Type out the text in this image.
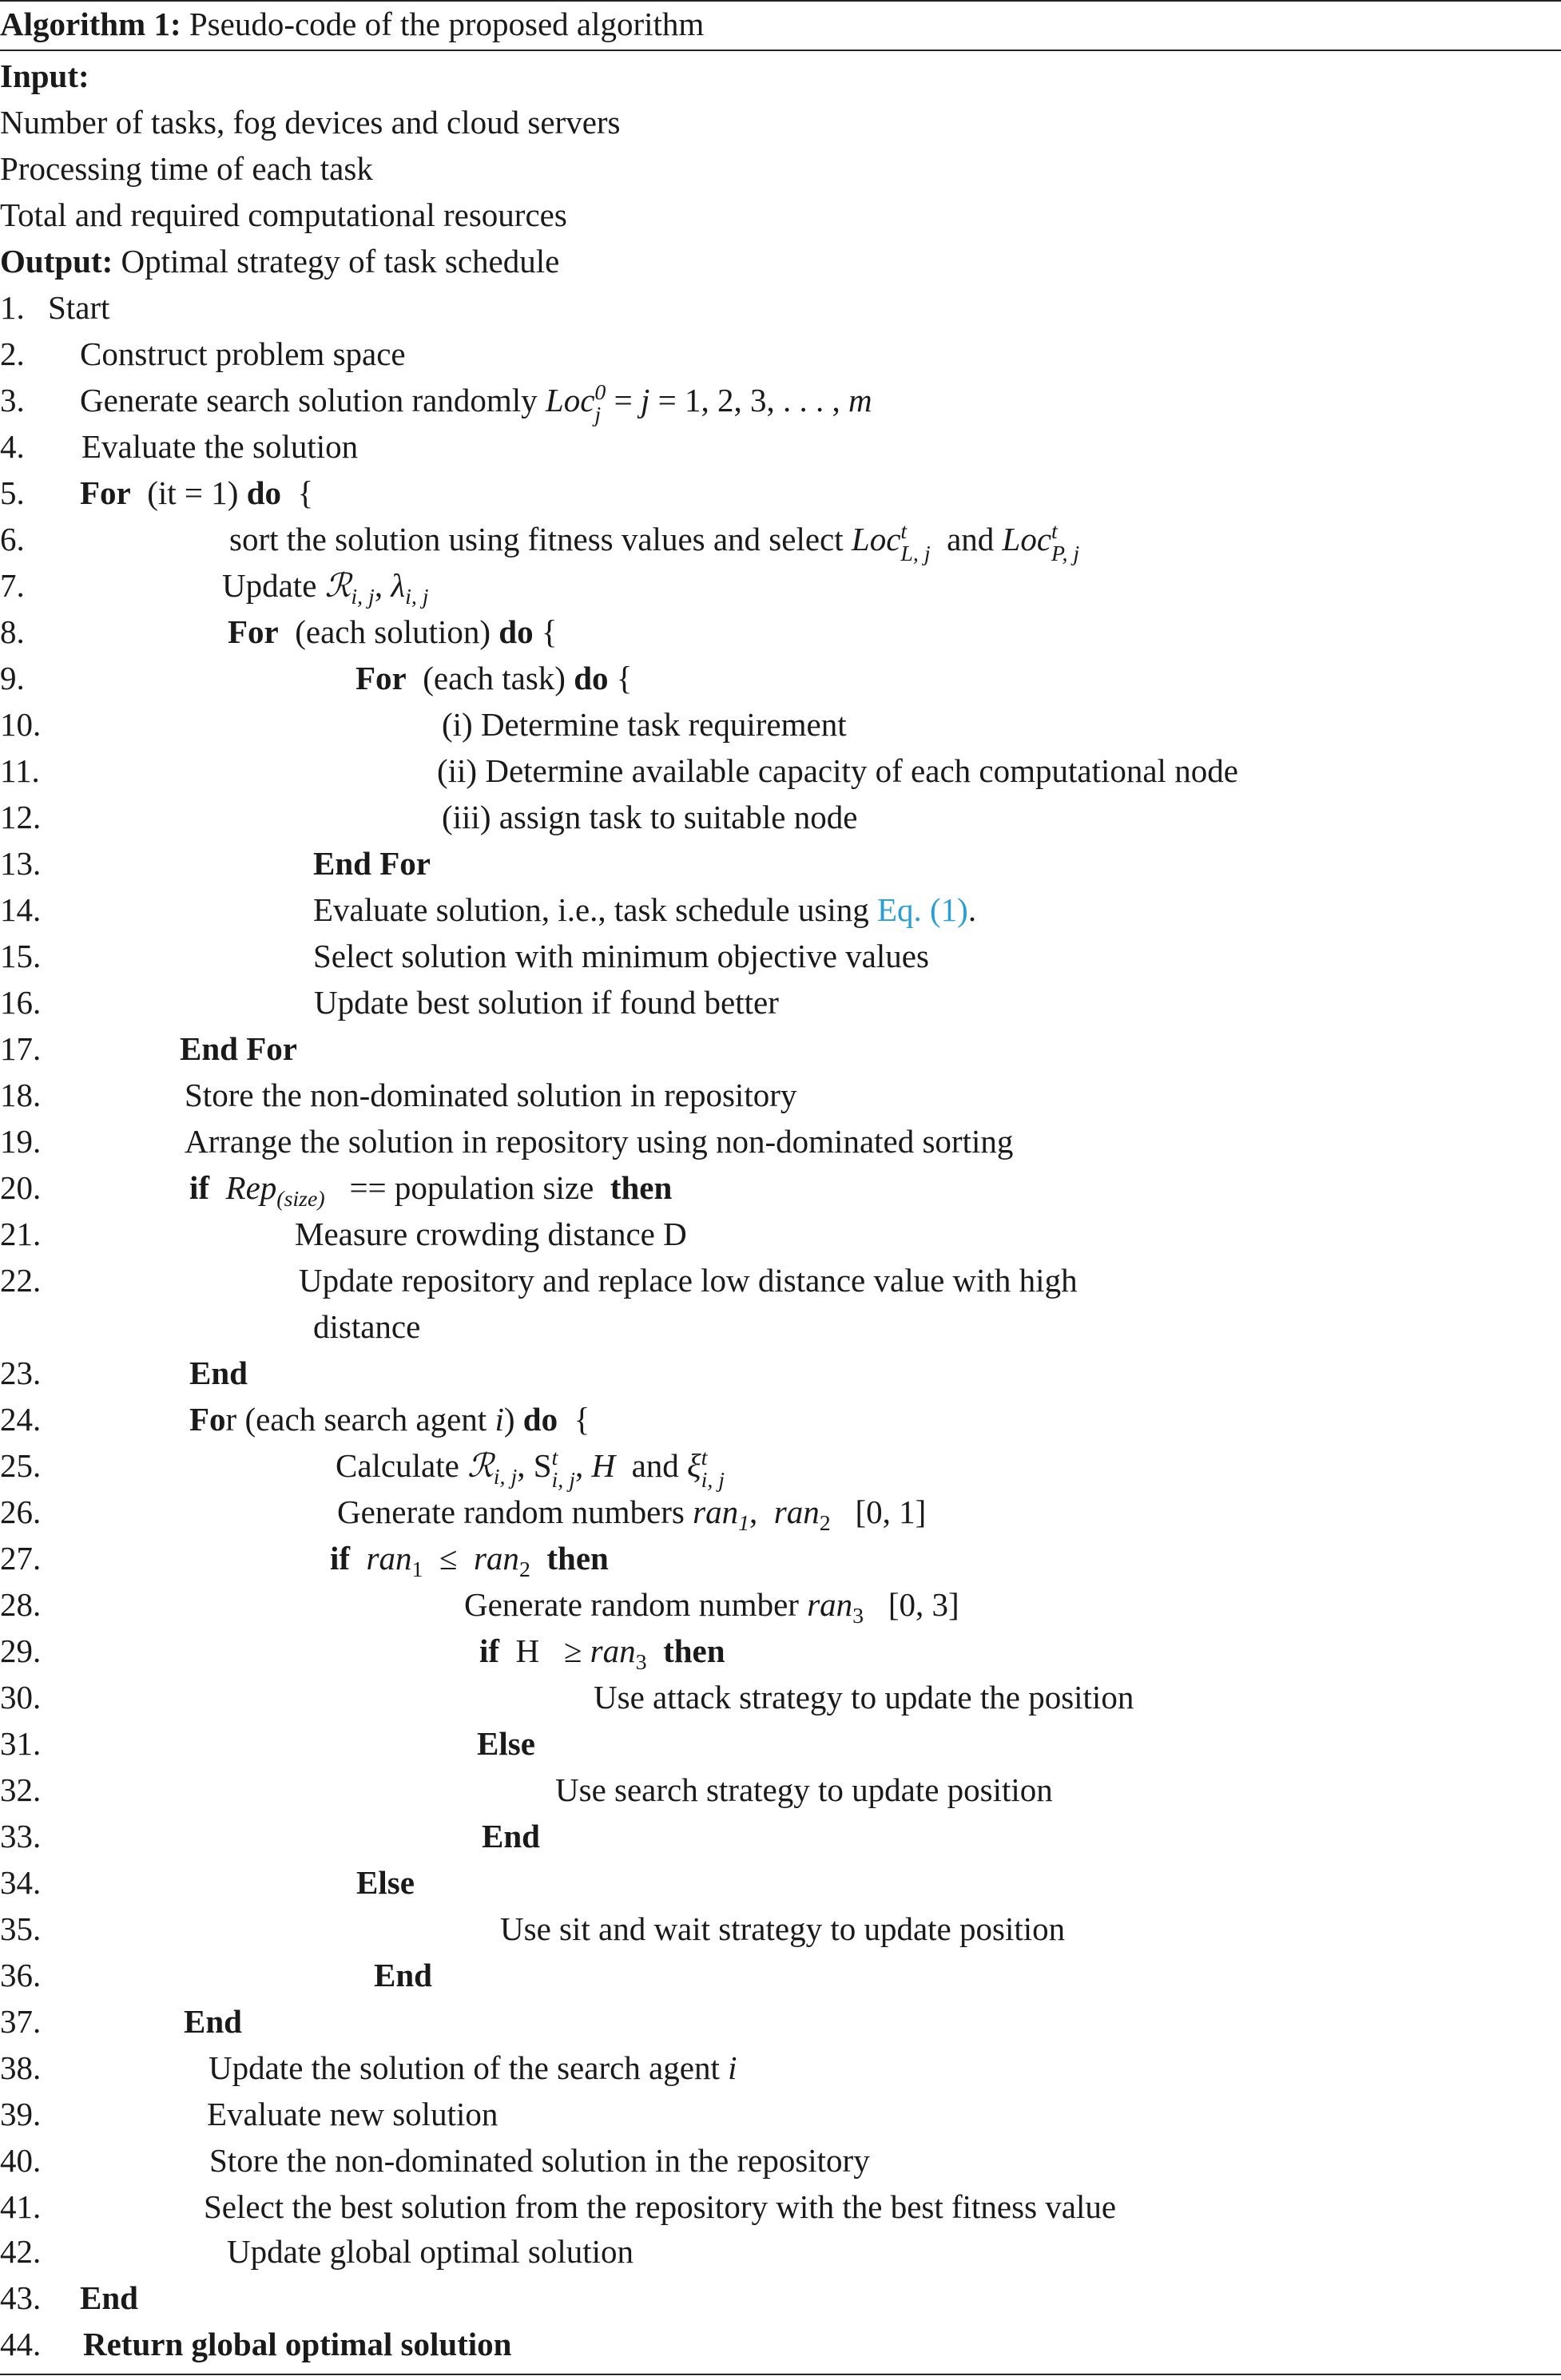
Algorithm 1: Pseudo-code of the proposed algorithm
Input:
Number of tasks, fog devices and cloud servers
Processing time of each task
Total and required computational resources
Output: Optimal strategy of task schedule
1. Start
2. Construct problem space
3. Generate search solution randomly Loc 0
j = j = 1, 2, 3, . . . , m
4. Evaluate the solution
5. For (it = 1) do {
6.	sort the solution using fitness values and select Loc t
L, j and Loc t
P, j
7.	Update ℛ$_{i, j}$, $\lambda_{i, j}$
8.	For (each solution) do {
9.	For (each task) do {
10.	(i) Determine task requirement
11.	(ii) Determine available capacity of each computational node
12.	(iii) assign task to suitable node
13.	End For
14.	Evaluate solution, i.e., task schedule using Eq. (1).
15.	Select solution with minimum objective values
16.	Update best solution if found better
17.	End For
18.	Store the non-dominated solution in repository
19.	Arrange the solution in repository using non-dominated sorting
20.	if Rep$_{(size)}$ == population size then
21.	Measure crowding distance D
22.	Update repository and replace low distance value with high
distance
23.	End
24.	For (each search agent i) do {
25.	Calculate ℛ$_{i, j}$, S t
i, j , H and ξ t
i, j
26.	Generate random numbers ran$_1$, ran$_2$ [0, 1]
27.	if ran$_1$ ≤ ran$_2$ then
28.	Generate random number ran$_3$ [0, 3]
29.	if H ≥ ran$_3$ then
30.	Use attack strategy to update the position
31.	Else
32.	Use search strategy to update position
33.	End
34.	Else
35.	Use sit and wait strategy to update position
36.	End
37.	End
38.	Update the solution of the search agent i
39.	Evaluate new solution
40.	Store the non-dominated solution in the repository
41.	Select the best solution from the repository with the best fitness value
42.	Update global optimal solution
43. End
44. Return global optimal solution
